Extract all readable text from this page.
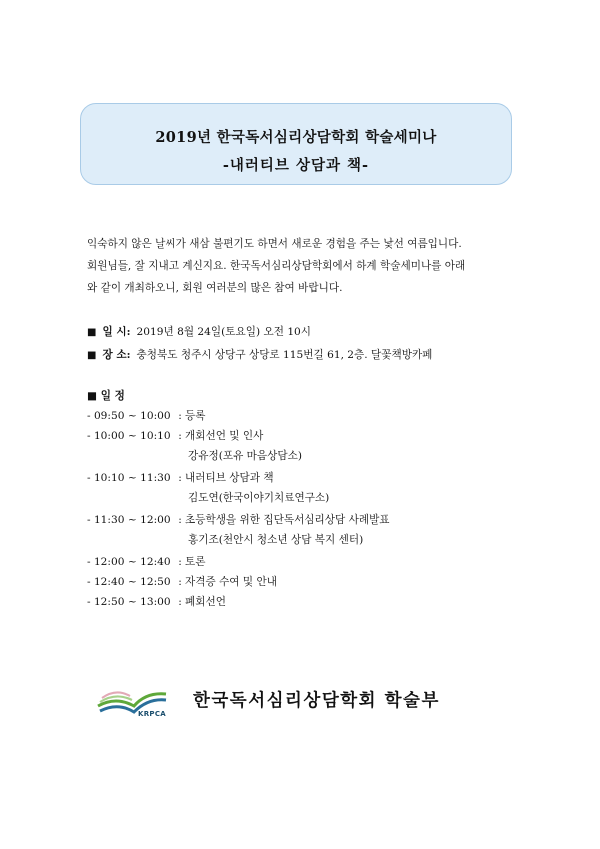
2019년 한국독서심리상담학회 학술세미나
-내러티브 상담과 책-

익숙하지 않은 날씨가 새삼 불편기도 하면서 새로운 경험을 주는 낯선 여름입니다.

회원님들, 잘 지내고 계신지요. 한국독서심리상담학회에서 하계 학술세미나를 아래

와 같이 개최하오니, 회원 여러분의 많은 참여 바랍니다.

■ 일 시: 2019년 8월 24일(토요일) 오전 10시
■ 장 소: 충청북도 청주시 상당구 상당로 115번길 61, 2층. 달꽃책방카페
■ 일 정
- 09:50 ~ 10:00 : 등록
- 10:00 ~ 10:10 : 개회선언 및 인사
강유정(포유 마음상담소)
- 10:10 ~ 11:30 : 내러티브 상담과 책
김도연(한국이야기치료연구소)
- 11:30 ~ 12:00 : 초등학생을 위한 집단독서심리상담 사례발표
홍기조(천안시 청소년 상담 복지 센터)
- 12:00 ~ 12:40 : 토론
- 12:40 ~ 12:50 : 자격증 수여 및 안내
- 12:50 ~ 13:00 : 폐회선언
KRPCA
한국독서심리상담학회 학술부
